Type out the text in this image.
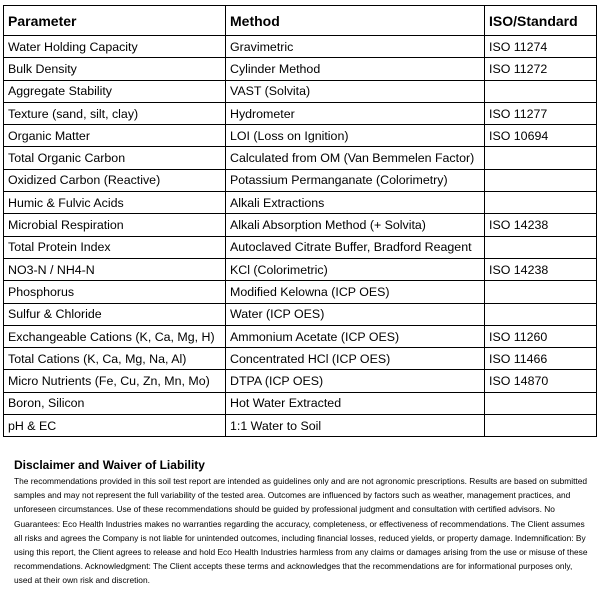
Parameter	Method	ISO/Standard
Water Holding Capacity	Gravimetric	ISO 11274
Bulk Density	Cylinder Method	ISO 11272
Aggregate Stability	VAST (Solvita)	
Texture (sand, silt, clay)	Hydrometer	ISO 11277
Organic Matter	LOI (Loss on Ignition)	ISO 10694
Total Organic Carbon	Calculated from OM (Van Bemmelen Factor)	
Oxidized Carbon (Reactive)	Potassium Permanganate (Colorimetry)	
Humic & Fulvic Acids	Alkali Extractions	
Microbial Respiration	Alkali Absorption Method (+ Solvita)	ISO 14238
Total Protein Index	Autoclaved Citrate Buffer, Bradford Reagent	
NO3-N / NH4-N	KCl (Colorimetric)	ISO 14238
Phosphorus	Modified Kelowna (ICP OES)	
Sulfur & Chloride	Water (ICP OES)	
Exchangeable Cations (K, Ca, Mg, H)	Ammonium Acetate (ICP OES)	ISO 11260
Total Cations (K, Ca, Mg, Na, Al)	Concentrated HCl (ICP OES)	ISO 11466
Micro Nutrients (Fe, Cu, Zn, Mn, Mo)	DTPA (ICP OES)	ISO 14870
Boron, Silicon	Hot Water Extracted	
pH & EC	1:1 Water to Soil	
Disclaimer and Waiver of Liability

The recommendations provided in this soil test report are intended as guidelines only and are not agronomic prescriptions. Results are based on submitted samples and may not represent the full variability of the tested area. Outcomes are influenced by factors such as weather, management practices, and unforeseen circumstances. Use of these recommendations should be guided by professional judgment and consultation with certified advisors. No Guarantees: Eco Health Industries makes no warranties regarding the accuracy, completeness, or effectiveness of recommendations. The Client assumes all risks and agrees the Company is not liable for unintended outcomes, including financial losses, reduced yields, or property damage. Indemnification: By using this report, the Client agrees to release and hold Eco Health Industries harmless from any claims or damages arising from the use or misuse of these recommendations. Acknowledgment: The Client accepts these terms and acknowledges that the recommendations are for informational purposes only, used at their own risk and discretion.
